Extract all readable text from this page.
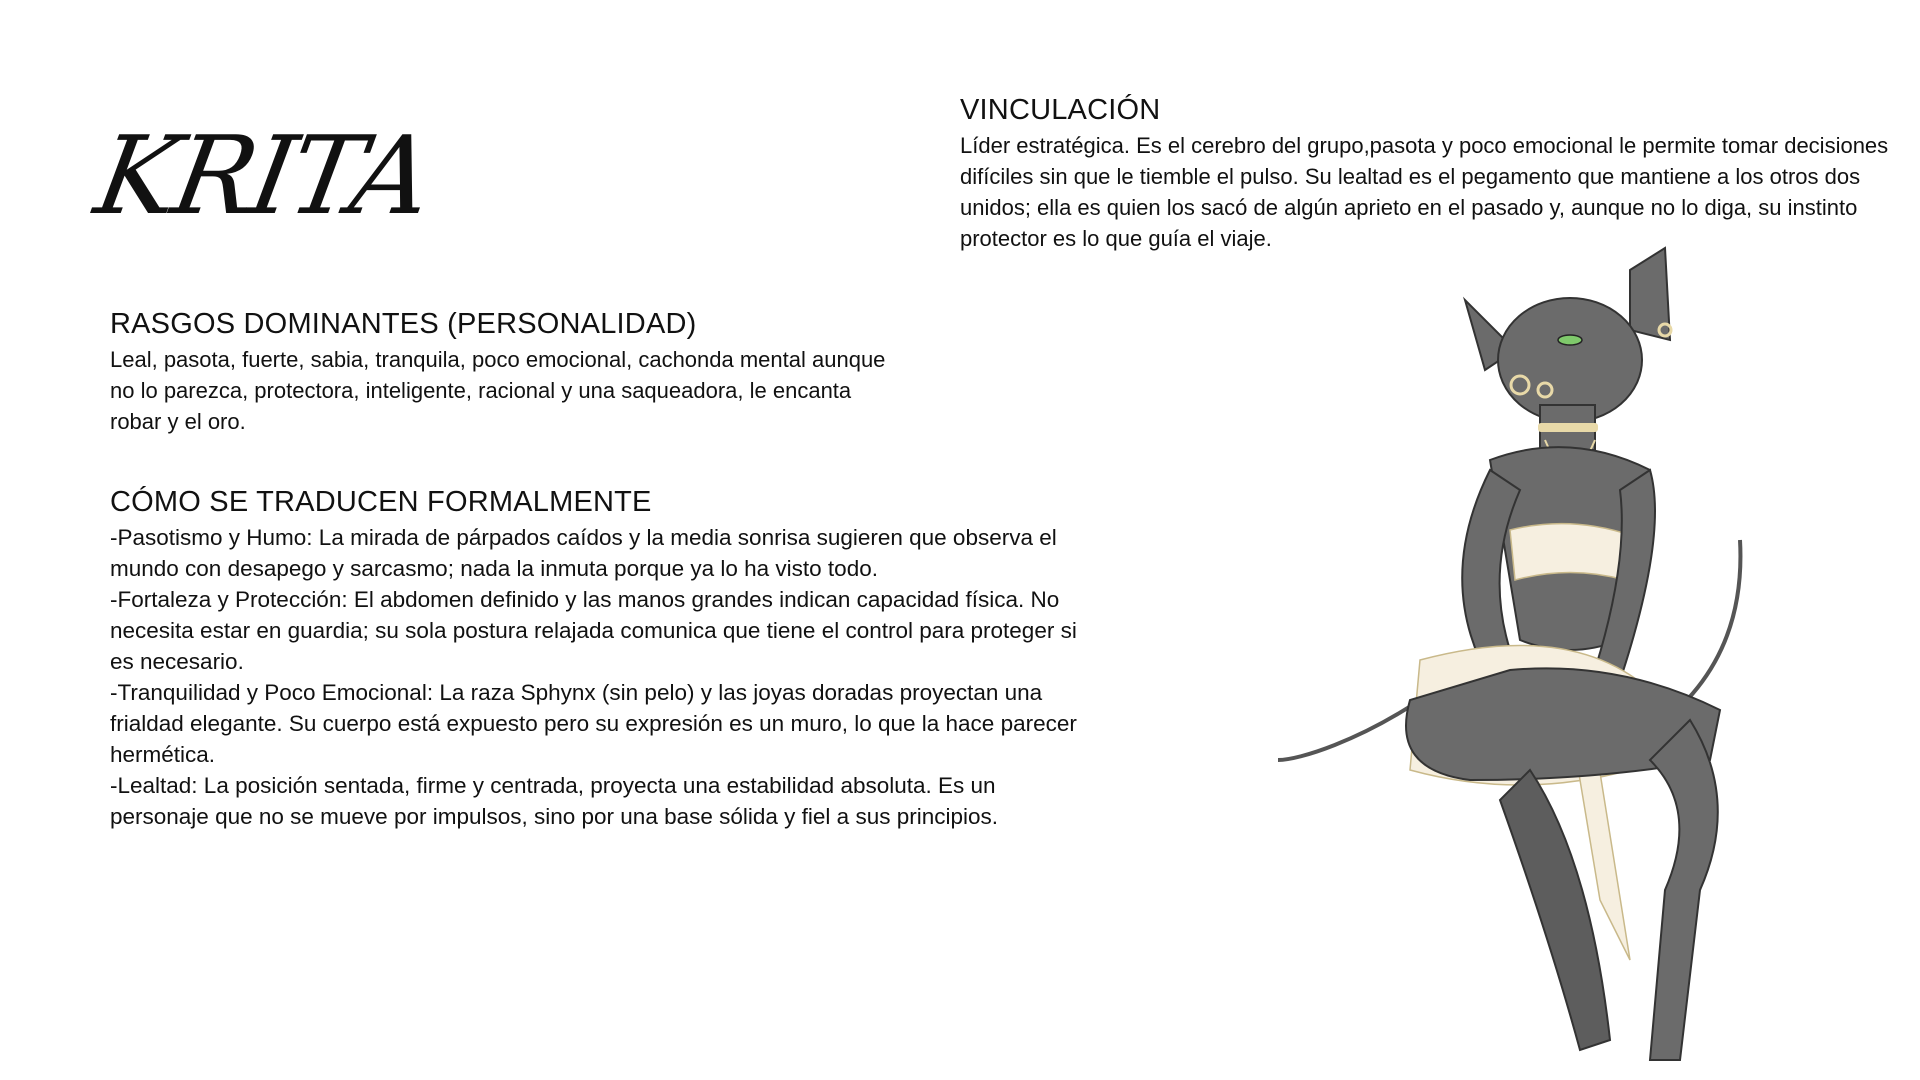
KRITA
VINCULACIÓN

Líder estratégica. Es el cerebro del grupo,pasota y poco emocional le permite tomar decisiones difíciles sin que le tiemble el pulso. Su lealtad es el pegamento que mantiene a los otros dos unidos; ella es quien los sacó de algún aprieto en el pasado y, aunque no lo diga, su instinto protector es lo que guía el viaje.

RASGOS DOMINANTES (PERSONALIDAD)

Leal, pasota, fuerte, sabia, tranquila, poco emocional, cachonda mental aunque no lo parezca, protectora, inteligente, racional y una saqueadora, le encanta robar y el oro.

CÓMO SE TRADUCEN FORMALMENTE

-Pasotismo y Humo: La mirada de párpados caídos y la media sonrisa sugieren que observa el mundo con desapego y sarcasmo; nada la inmuta porque ya lo ha visto todo.

-Fortaleza y Protección: El abdomen definido y las manos grandes indican capacidad física. No necesita estar en guardia; su sola postura relajada comunica que tiene el control para proteger si es necesario.

-Tranquilidad y Poco Emocional: La raza Sphynx (sin pelo) y las joyas doradas proyectan una frialdad elegante. Su cuerpo está expuesto pero su expresión es un muro, lo que la hace parecer hermética.

-Lealtad: La posición sentada, firme y centrada, proyecta una estabilidad absoluta. Es un personaje que no se mueve por impulsos, sino por una base sólida y fiel a sus principios.
